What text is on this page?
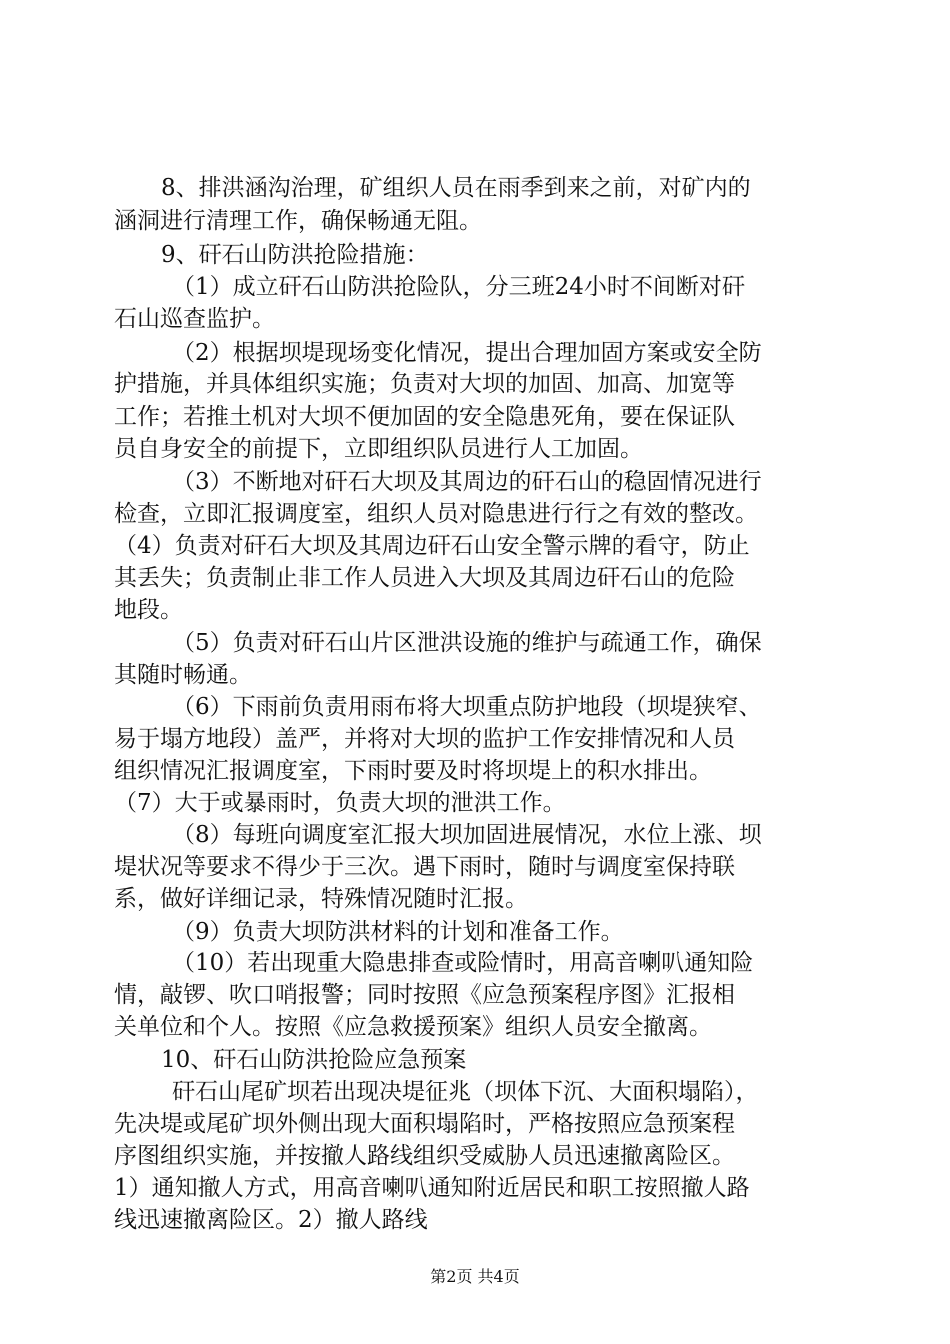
8、排洪涵沟治理，矿组织人员在雨季到来之前，对矿内的
涵洞进行清理工作，确保畅通无阻。
9、矸石山防洪抢险措施：
（1）成立矸石山防洪抢险队，分三班24小时不间断对矸
石山巡查监护。
（2）根据坝堤现场变化情况，提出合理加固方案或安全防
护措施，并具体组织实施；负责对大坝的加固、加高、加宽等
工作；若推土机对大坝不便加固的安全隐患死角，要在保证队
员自身安全的前提下，立即组织队员进行人工加固。
（3）不断地对矸石大坝及其周边的矸石山的稳固情况进行
检查，立即汇报调度室，组织人员对隐患进行行之有效的整改。
（4）负责对矸石大坝及其周边矸石山安全警示牌的看守，防止
其丢失；负责制止非工作人员进入大坝及其周边矸石山的危险
地段。
（5）负责对矸石山片区泄洪设施的维护与疏通工作，确保
其随时畅通。
（6）下雨前负责用雨布将大坝重点防护地段（坝堤狭窄、
易于塌方地段）盖严，并将对大坝的监护工作安排情况和人员
组织情况汇报调度室，下雨时要及时将坝堤上的积水排出。
（7）大于或暴雨时，负责大坝的泄洪工作。
（8）每班向调度室汇报大坝加固进展情况，水位上涨、坝
堤状况等要求不得少于三次。遇下雨时，随时与调度室保持联
系，做好详细记录，特殊情况随时汇报。
（9）负责大坝防洪材料的计划和准备工作。
（10）若出现重大隐患排查或险情时，用高音喇叭通知险
情，敲锣、吹口哨报警；同时按照《应急预案程序图》汇报相
关单位和个人。按照《应急救援预案》组织人员安全撤离。
10、矸石山防洪抢险应急预案
矸石山尾矿坝若出现决堤征兆（坝体下沉、大面积塌陷），
先决堤或尾矿坝外侧出现大面积塌陷时，严格按照应急预案程
序图组织实施，并按撤人路线组织受威胁人员迅速撤离险区。
1）通知撤人方式，用高音喇叭通知附近居民和职工按照撤人路
线迅速撤离险区。2）撤人路线
第2页 共4页
